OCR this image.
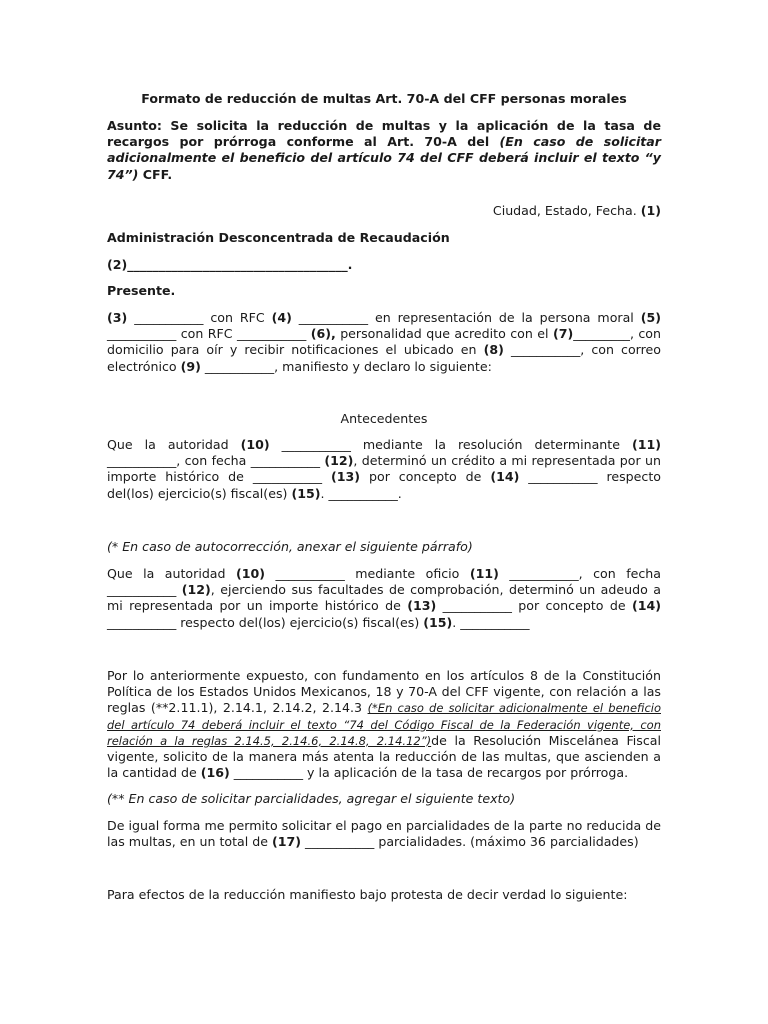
Formato de reducción de multas Art. 70-A del CFF personas morales

Asunto: Se solicita la reducción de multas y la aplicación de la tasa de recargos por prórroga conforme al Art. 70-A del (En caso de solicitar adicionalmente el beneficio del artículo 74 del CFF deberá incluir el texto “y 74”) CFF.

Ciudad, Estado, Fecha. (1)

Administración Desconcentrada de Recaudación

(2)___________________________________.

Presente.

(3) ___________ con RFC (4) ___________ en representación de la persona moral (5) ___________ con RFC ___________ (6), personalidad que acredito con el (7)_________, con domicilio para oír y recibir notificaciones el ubicado en (8) ___________, con correo electrónico (9) ___________, manifiesto y declaro lo siguiente:

Antecedentes

Que la autoridad (10) ___________ mediante la resolución determinante (11) ___________, con fecha ___________ (12), determinó un crédito a mi representada por un importe histórico de ___________ (13) por concepto de (14) ___________ respecto del(los) ejercicio(s) fiscal(es) (15). ___________.

(* En caso de autocorrección, anexar el siguiente párrafo)

Que la autoridad (10) ___________ mediante oficio (11) ___________, con fecha ___________ (12), ejerciendo sus facultades de comprobación, determinó un adeudo a mi representada por un importe histórico de (13) ___________ por concepto de (14) ___________ respecto del(los) ejercicio(s) fiscal(es) (15). ___________

Por lo anteriormente expuesto, con fundamento en los artículos 8 de la Constitución Política de los Estados Unidos Mexicanos, 18 y 70-A del CFF vigente, con relación a las reglas (**2.11.1), 2.14.1, 2.14.2, 2.14.3 (*En caso de solicitar adicionalmente el beneficio del artículo 74 deberá incluir el texto “74 del Código Fiscal de la Federación vigente, con relación a la reglas 2.14.5, 2.14.6, 2.14.8, 2.14.12”)de la Resolución Miscelánea Fiscal vigente, solicito de la manera más atenta la reducción de las multas, que ascienden a la cantidad de (16) ___________ y la aplicación de la tasa de recargos por prórroga.

(** En caso de solicitar parcialidades, agregar el siguiente texto)

De igual forma me permito solicitar el pago en parcialidades de la parte no reducida de las multas, en un total de (17) ___________ parcialidades. (máximo 36 parcialidades)

Para efectos de la reducción manifiesto bajo protesta de decir verdad lo siguiente:
